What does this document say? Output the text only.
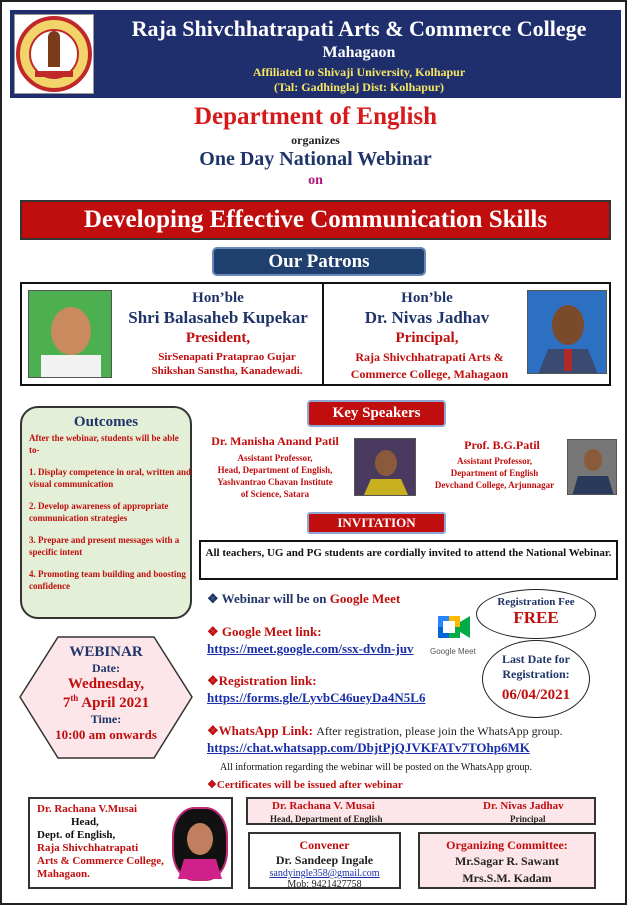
Raja Shivchhatrapati Arts & Commerce College
Mahagaon
Affiliated to Shivaji University, Kolhapur
(Tal: Gadhinglaj Dist: Kolhapur)
Department of English
organizes
One Day National Webinar
on
Developing Effective Communication Skills
Our Patrons
Hon’ble
Shri Balasaheb Kupekar
President,
SirSenapati Prataprao Gujar
Shikshan Sanstha, Kanadewadi.
Hon’ble
Dr. Nivas Jadhav
Principal,
Raja Shivchhatrapati Arts &
Commerce College, Mahagaon
Outcomes

After the webinar, students will be able to-

1. Display competence in oral, written and visual communication

2. Develop awareness of appropriate communication strategies

3. Prepare and present messages with a specific intent

4. Promoting team building and boosting confidence

Key Speakers
Dr. Manisha Anand Patil
Assistant Professor,
Head, Department of English,
Yashvantrao Chavan Institute
of Science, Satara
Prof. B.G.Patil
Assistant Professor,
Department of English
Devchand College, Arjunnagar
INVITATION
All teachers, UG and PG students are cordially invited to attend the National Webinar.
❖ Webinar will be on Google Meet
❖ Google Meet link:
https://meet.google.com/ssx-dvdn-juv Google Meet
❖Registration link:
https://forms.gle/LyvbC46ueyDa4N5L6
❖WhatsApp Link: After registration, please join the WhatsApp group.
https://chat.whatsapp.com/DbjtPjQJVKFATv7TOhp6MK
All information regarding the webinar will be posted on the WhatsApp group.
❖Certificates will be issued after webinar
Registration Fee
FREE
Last Date for
Registration:
06/04/2021
WEBINAR
Date:
Wednesday,
7th April 2021
Time:
10:00 am onwards
Dr. Rachana V.Musai
Head,
Dept. of English,
Raja Shivchhatrapati
Arts & Commerce College,
Mahagaon.
Dr. Rachana V. Musai
Head, Department of English
Dr. Nivas Jadhav
Principal
Convener
Dr. Sandeep Ingale
sandyingle358@gmail.com
Mob: 9421427758
Organizing Committee:
Mr.Sagar R. Sawant
Mrs.S.M. Kadam
